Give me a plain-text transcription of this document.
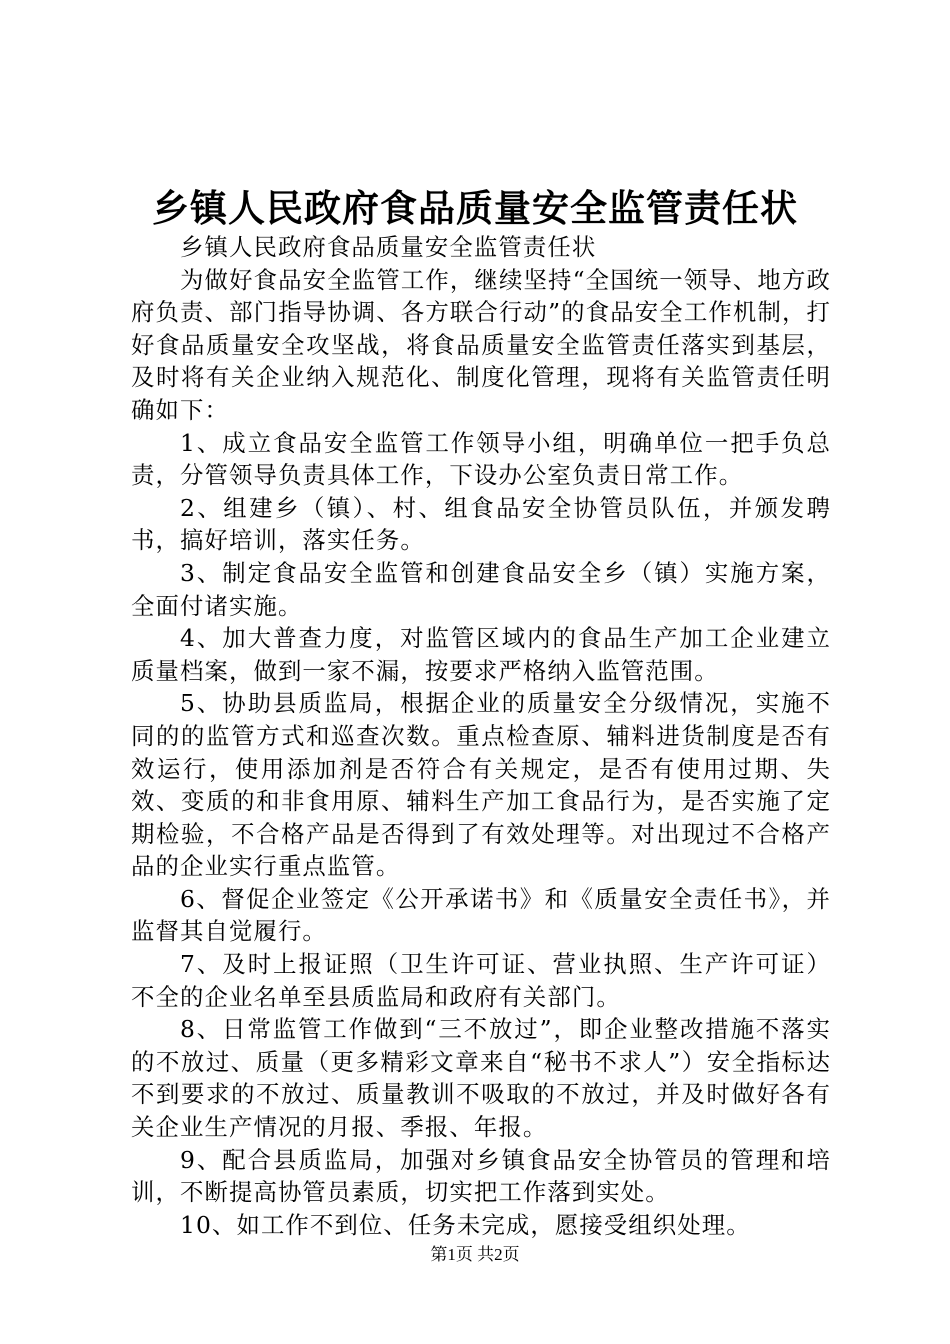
乡镇人民政府食品质量安全监管责任状

乡镇人民政府食品质量安全监管责任状

为做好食品安全监管工作，继续坚持“全国统一领导、地方政府负责、部门指导协调、各方联合行动”的食品安全工作机制，打好食品质量安全攻坚战，将食品质量安全监管责任落实到基层，及时将有关企业纳入规范化、制度化管理，现将有关监管责任明确如下：

1、成立食品安全监管工作领导小组，明确单位一把手负总责，分管领导负责具体工作，下设办公室负责日常工作。

2、组建乡（镇）、村、组食品安全协管员队伍，并颁发聘书，搞好培训，落实任务。

3、制定食品安全监管和创建食品安全乡（镇）实施方案，全面付诸实施。

4、加大普查力度，对监管区域内的食品生产加工企业建立质量档案，做到一家不漏，按要求严格纳入监管范围。

5、协助县质监局，根据企业的质量安全分级情况，实施不同的的监管方式和巡查次数。重点检查原、辅料进货制度是否有效运行，使用添加剂是否符合有关规定，是否有使用过期、失效、变质的和非食用原、辅料生产加工食品行为，是否实施了定期检验，不合格产品是否得到了有效处理等。对出现过不合格产品的企业实行重点监管。

6、督促企业签定《公开承诺书》和《质量安全责任书》，并监督其自觉履行。

7、及时上报证照（卫生许可证、营业执照、生产许可证）不全的企业名单至县质监局和政府有关部门。

8、日常监管工作做到“三不放过”，即企业整改措施不落实的不放过、质量（更多精彩文章来自“秘书不求人”）安全指标达不到要求的不放过、质量教训不吸取的不放过，并及时做好各有关企业生产情况的月报、季报、年报。

9、配合县质监局，加强对乡镇食品安全协管员的管理和培训，不断提高协管员素质，切实把工作落到实处。

10、如工作不到位、任务未完成，愿接受组织处理。

第1页 共2页
